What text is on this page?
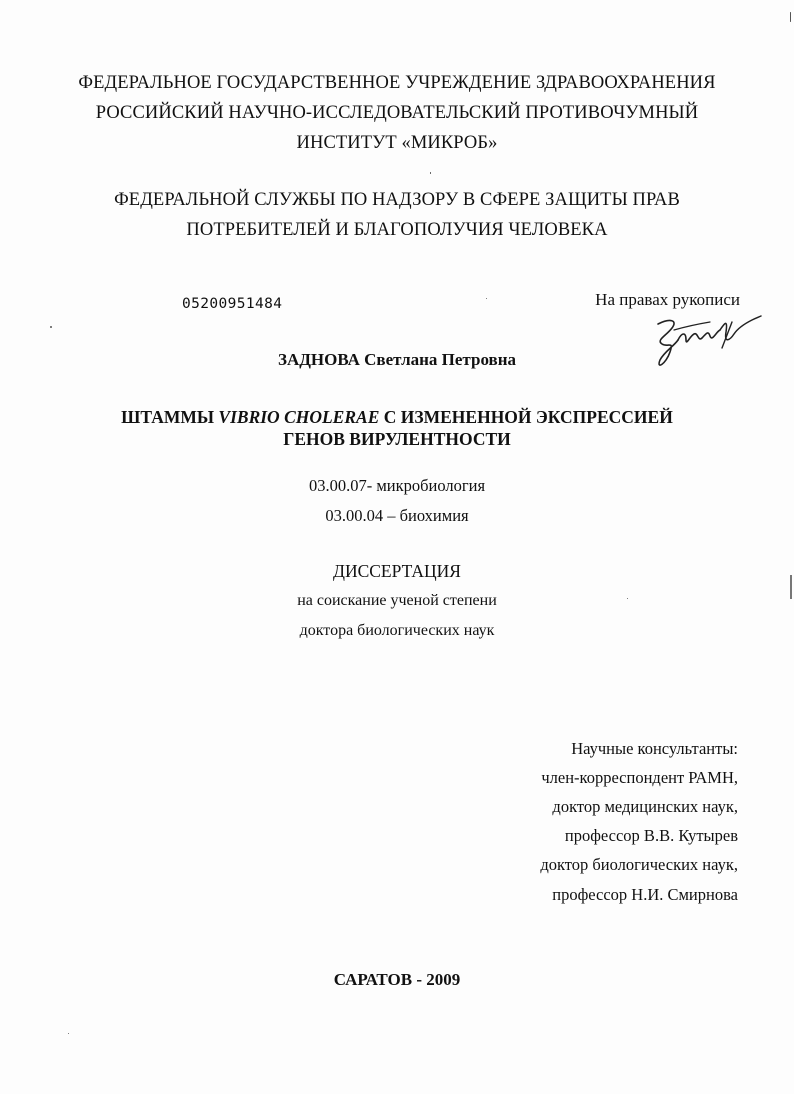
ФЕДЕРАЛЬНОЕ ГОСУДАРСТВЕННОЕ УЧРЕЖДЕНИЕ ЗДРАВООХРАНЕНИЯ
РОССИЙСКИЙ НАУЧНО-ИССЛЕДОВАТЕЛЬСКИЙ ПРОТИВОЧУМНЫЙ
ИНСТИТУТ «МИКРОБ»
ФЕДЕРАЛЬНОЙ СЛУЖБЫ ПО НАДЗОРУ В СФЕРЕ ЗАЩИТЫ ПРАВ
ПОТРЕБИТЕЛЕЙ И БЛАГОПОЛУЧИЯ ЧЕЛОВЕКА
05200951484	На правах рукописи
ЗАДНОВА Светлана Петровна
ШТАММЫ VIBRIO CHOLERAE С ИЗМЕНЕННОЙ ЭКСПРЕССИЕЙ
ГЕНОВ ВИРУЛЕНТНОСТИ
03.00.07- микробиология
03.00.04 – биохимия
ДИССЕРТАЦИЯ
на соискание ученой степени
доктора биологических наук
Научные консультанты:
член-корреспондент РАМН,
доктор медицинских наук,
профессор В.В. Кутырев
доктор биологических наук,
профессор Н.И. Смирнова
САРАТОВ - 2009
